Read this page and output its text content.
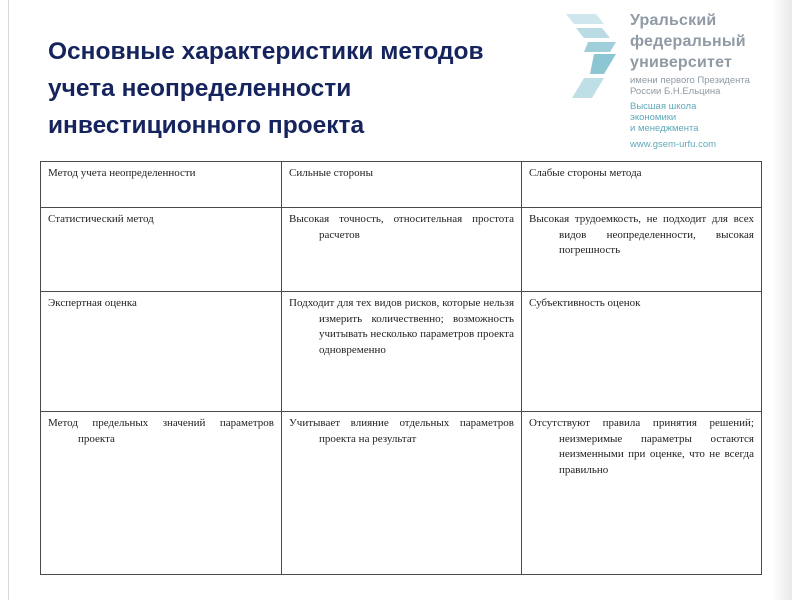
Основные характеристики методов
учета неопределенности
инвестиционного проекта
Уральский
федеральный
университет
имени первого Президента
России Б.Н.Ельцина
Высшая школа
экономики
и менеджмента
www.gsem-urfu.com
Метод учета неопределенности	Сильные стороны	Слабые стороны метода

Статистический метод	Высокая точность, относительная простота расчетов	Высокая трудоемкость, не подходит для всех видов неопределенности, высокая погрешность

Экспертная оценка	Подходит для тех видов рисков, которые нельзя измерить количественно; возможность учитывать несколько параметров проекта одновременно	Субъективность оценок

Метод предельных значений параметров проекта	Учитывает влияние отдельных параметров проекта на результат	Отсутствуют правила принятия решений; неизмеримые параметры остаются неизменными при оценке, что не всегда правильно
